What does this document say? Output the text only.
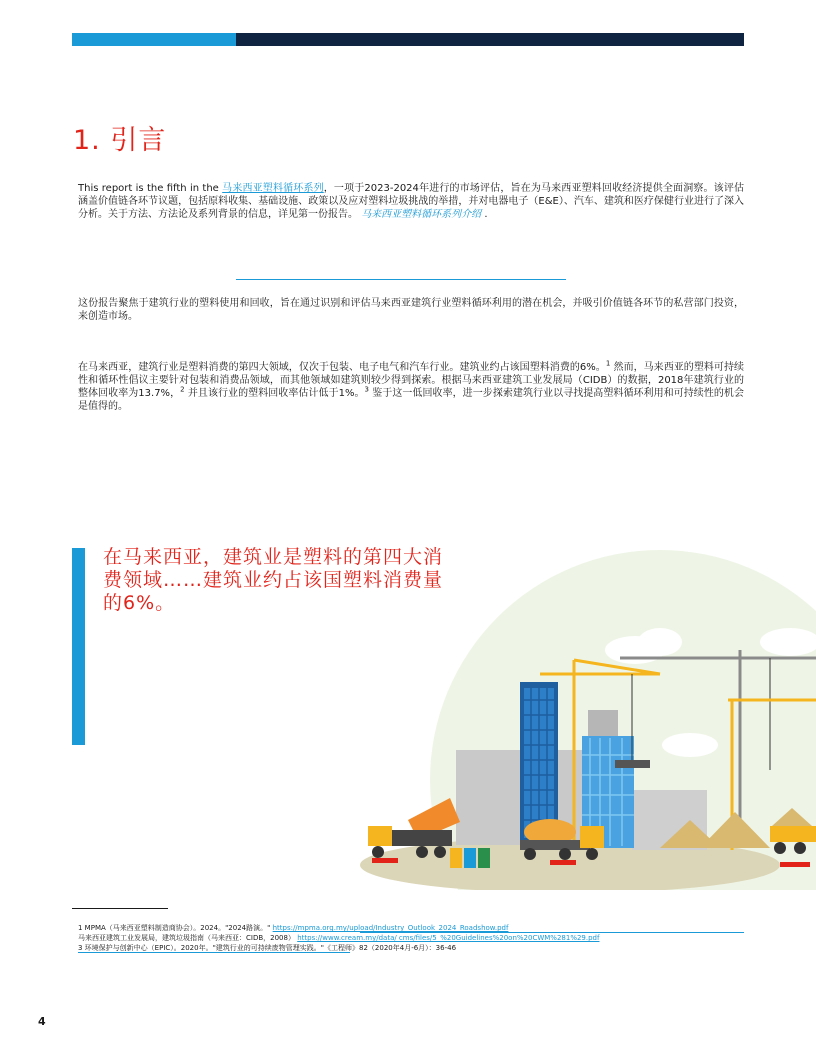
1. 引言
This report is the fifth in the 马来西亚塑料循环系列，一项于2023-2024年进行的市场评估，旨在为马来西亚塑料回收经济提供全面洞察。该评估涵盖价值链各环节议题，包括原料收集、基础设施、政策以及应对塑料垃圾挑战的举措，并对电器电子（E&E）、汽车、建筑和医疗保健行业进行了深入分析。关于方法、方法论及系列背景的信息，详见第一份报告。 马来西亚塑料循环系列介绍 .
这份报告聚焦于建筑行业的塑料使用和回收，旨在通过识别和评估马来西亚建筑行业塑料循环利用的潜在机会，并吸引价值链各环节的私营部门投资，来创造市场。
在马来西亚，建筑行业是塑料消费的第四大领域，仅次于包装、电子电气和汽车行业。建筑业约占该国塑料消费的6%。$^1$ 然而，马来西亚的塑料可持续性和循环性倡议主要针对包装和消费品领域，而其他领域如建筑则较少得到探索。根据马来西亚建筑工业发展局（CIDB）的数据，2018年建筑行业的整体回收率为13.7%，$^2$ 并且该行业的塑料回收率估计低于1%。$^3$ 鉴于这一低回收率，进一步探索建筑行业以寻找提高塑料循环利用和可持续性的机会是值得的。
在马来西亚，建筑业是塑料的第四大消费领域……建筑业约占该国塑料消费量的6%。
1 MPMA（马来西亚塑料制造商协会）。2024。"2024路演。" https://mpma.org.my/upload/Industry_Outlook_2024_Roadshow.pdf
马来西亚建筑工业发展局，建筑垃圾指南（马来西亚：CIDB，2008） https://www.cream.my/data/ cms/files/5_%20Guidelines%20on%20CWM%281%29.pdf
3 环境保护与创新中心（EPIC）。2020年。"建筑行业的可持续废物管理实践。"《工程师》82（2020年4月-6月）：36-46
4
